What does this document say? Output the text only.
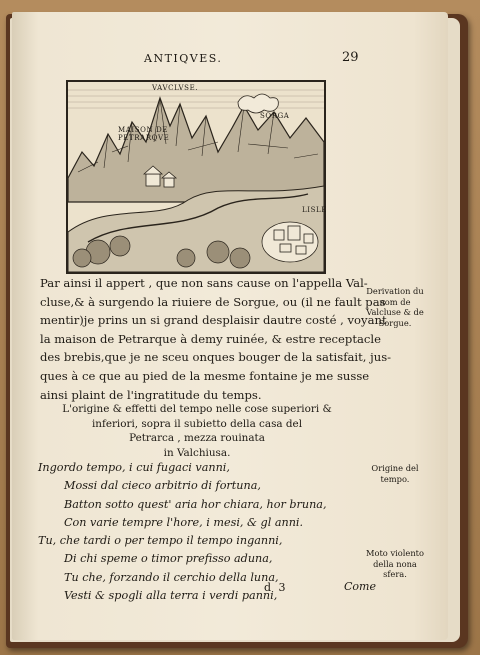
ANTIQVES.	29
VAVCLVSE.
MAISON DE PETRARQVE
SORGA
LISLE
Par ainsi il appert , que non sans cause on l'appella Val-
cluse,& à surgendo la riuiere de Sorgue, ou (il ne fault pas
mentir)je prins un si grand desplaisir dautre costé , voyant
la maison de Petrarque à demy ruinée, & estre receptacle
des brebis,que je ne sceu onques bouger de la satisfait, jus-
ques à ce que au pied de la mesme fontaine je me susse
ainsi plaint de l'ingratitude du temps.
Derivation du nom de Valcluse & de Sorgue.
L'origine & effetti del tempo nelle cose superiori &
inferiori, sopra il subietto della casa del
Petrarca , mezza rouinata
in Valchiusa.
Ingordo tempo, i cui fugaci vanni,
Mossi dal cieco arbitrio di fortuna,
Batton sotto quest' aria hor chiara, hor bruna,
Con varie tempre l'hore, i mesi, & gl anni.
Tu, che tardi o per tempo il tempo inganni,
Di chi speme o timor prefisso aduna,
Tu che, forzando il cerchio della luna,
Vesti & spogli alla terra i verdi panni,
Origine del tempo.
Moto violento della nona sfera.
d 3	Come
